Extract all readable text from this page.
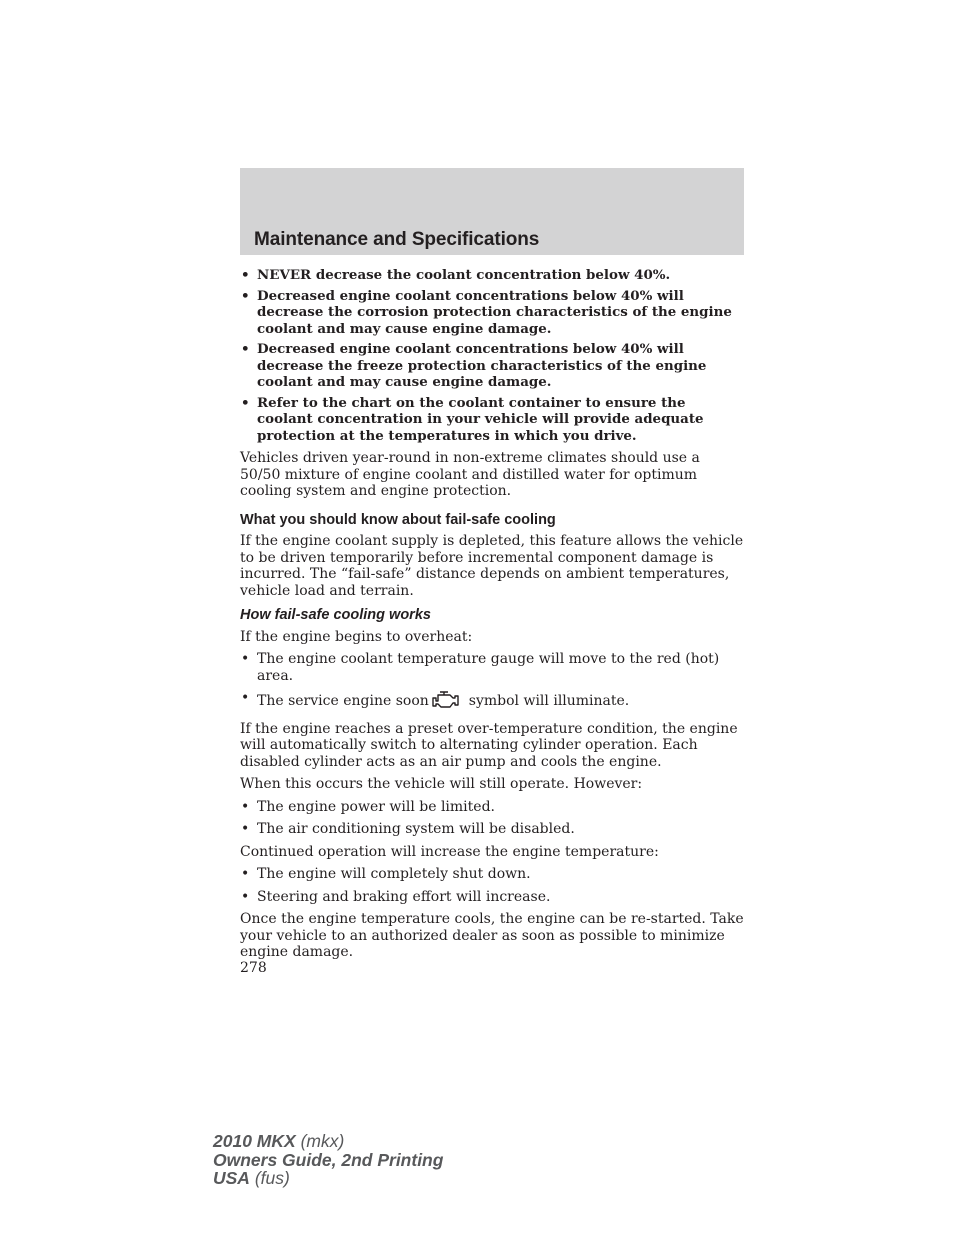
Maintenance and Specifications
• NEVER decrease the coolant concentration below 40%.
• Decreased engine coolant concentrations below 40% will decrease the corrosion protection characteristics of the engine coolant and may cause engine damage.
• Decreased engine coolant concentrations below 40% will decrease the freeze protection characteristics of the engine coolant and may cause engine damage.
• Refer to the chart on the coolant container to ensure the coolant concentration in your vehicle will provide adequate protection at the temperatures in which you drive.

Vehicles driven year-round in non-extreme climates should use a 50/50 mixture of engine coolant and distilled water for optimum cooling system and engine protection.

What you should know about fail-safe cooling

If the engine coolant supply is depleted, this feature allows the vehicle to be driven temporarily before incremental component damage is incurred. The “fail-safe” distance depends on ambient temperatures, vehicle load and terrain.

How fail-safe cooling works

If the engine begins to overheat:

• The engine coolant temperature gauge will move to the red (hot) area.
• The service engine soon	symbol will illuminate.

If the engine reaches a preset over-temperature condition, the engine will automatically switch to alternating cylinder operation. Each disabled cylinder acts as an air pump and cools the engine.

When this occurs the vehicle will still operate. However:

• The engine power will be limited.
• The air conditioning system will be disabled.

Continued operation will increase the engine temperature:

• The engine will completely shut down.
• Steering and braking effort will increase.

Once the engine temperature cools, the engine can be re-started. Take your vehicle to an authorized dealer as soon as possible to minimize engine damage.

278
2010 MKX (mkx)
Owners Guide, 2nd Printing
USA (fus)
